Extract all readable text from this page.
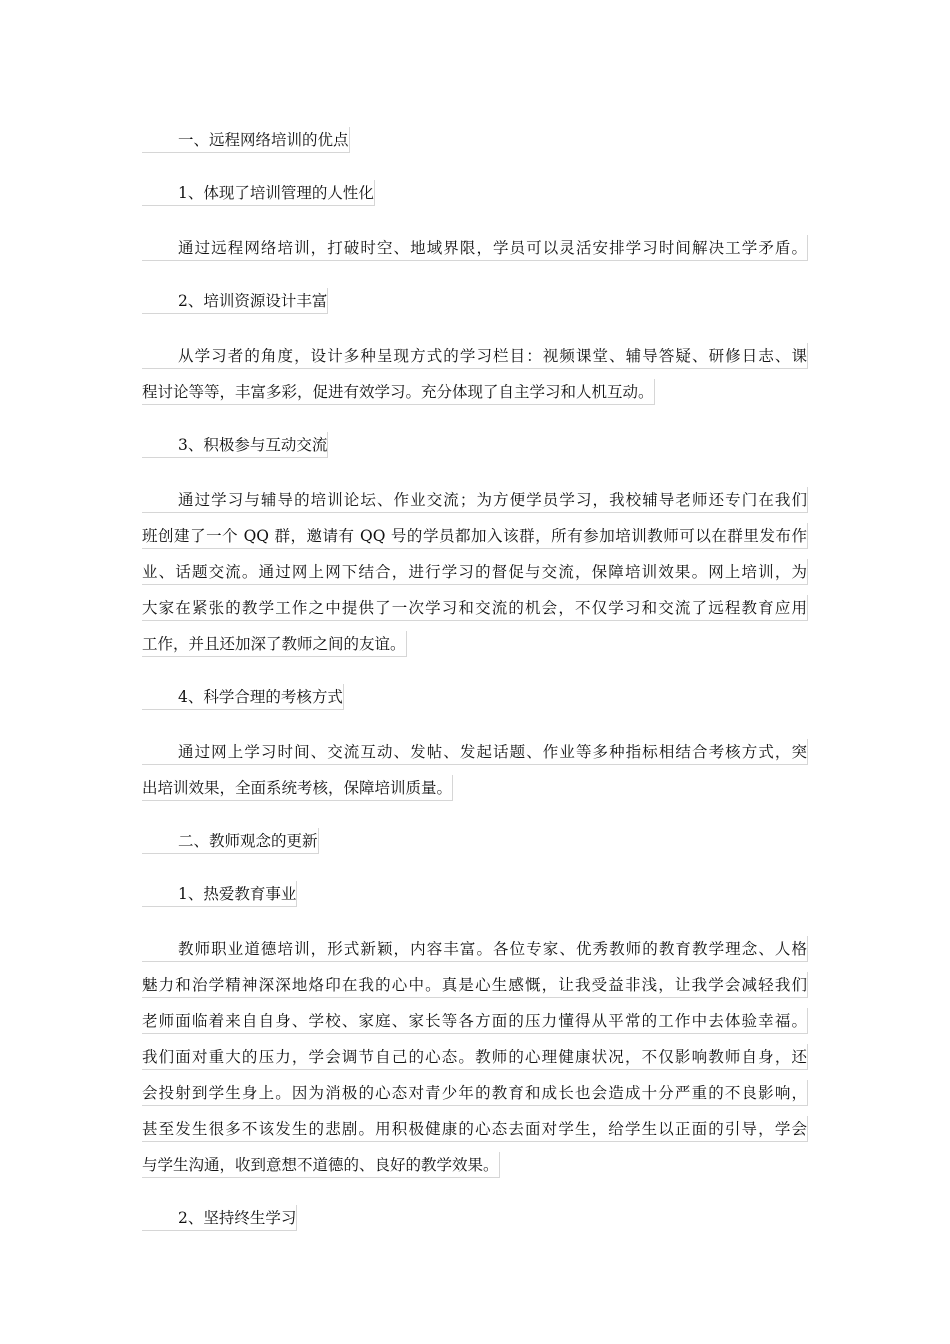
一、远程网络培训的优点
1、体现了培训管理的人性化
通过远程网络培训，打破时空、地域界限，学员可以灵活安排学习时间解决工学矛盾。
2、培训资源设计丰富
从学习者的角度，设计多种呈现方式的学习栏目：视频课堂、辅导答疑、研修日志、课
程讨论等等，丰富多彩，促进有效学习。充分体现了自主学习和人机互动。
3、积极参与互动交流
通过学习与辅导的培训论坛、作业交流；为方便学员学习，我校辅导老师还专门在我们
班创建了一个 QQ 群，邀请有 QQ 号的学员都加入该群，所有参加培训教师可以在群里发布作
业、话题交流。通过网上网下结合，进行学习的督促与交流，保障培训效果。网上培训，为
大家在紧张的教学工作之中提供了一次学习和交流的机会，不仅学习和交流了远程教育应用
工作，并且还加深了教师之间的友谊。
4、科学合理的考核方式
通过网上学习时间、交流互动、发帖、发起话题、作业等多种指标相结合考核方式，突
出培训效果，全面系统考核，保障培训质量。
二、教师观念的更新
1、热爱教育事业
教师职业道德培训，形式新颖，内容丰富。各位专家、优秀教师的教育教学理念、人格
魅力和治学精神深深地烙印在我的心中。真是心生感慨，让我受益非浅，让我学会减轻我们
老师面临着来自自身、学校、家庭、家长等各方面的压力懂得从平常的工作中去体验幸福。
我们面对重大的压力，学会调节自己的心态。教师的心理健康状况，不仅影响教师自身，还
会投射到学生身上。因为消极的心态对青少年的教育和成长也会造成十分严重的不良影响，
甚至发生很多不该发生的悲剧。用积极健康的心态去面对学生，给学生以正面的引导，学会
与学生沟通，收到意想不道德的、良好的教学效果。
2、坚持终生学习
